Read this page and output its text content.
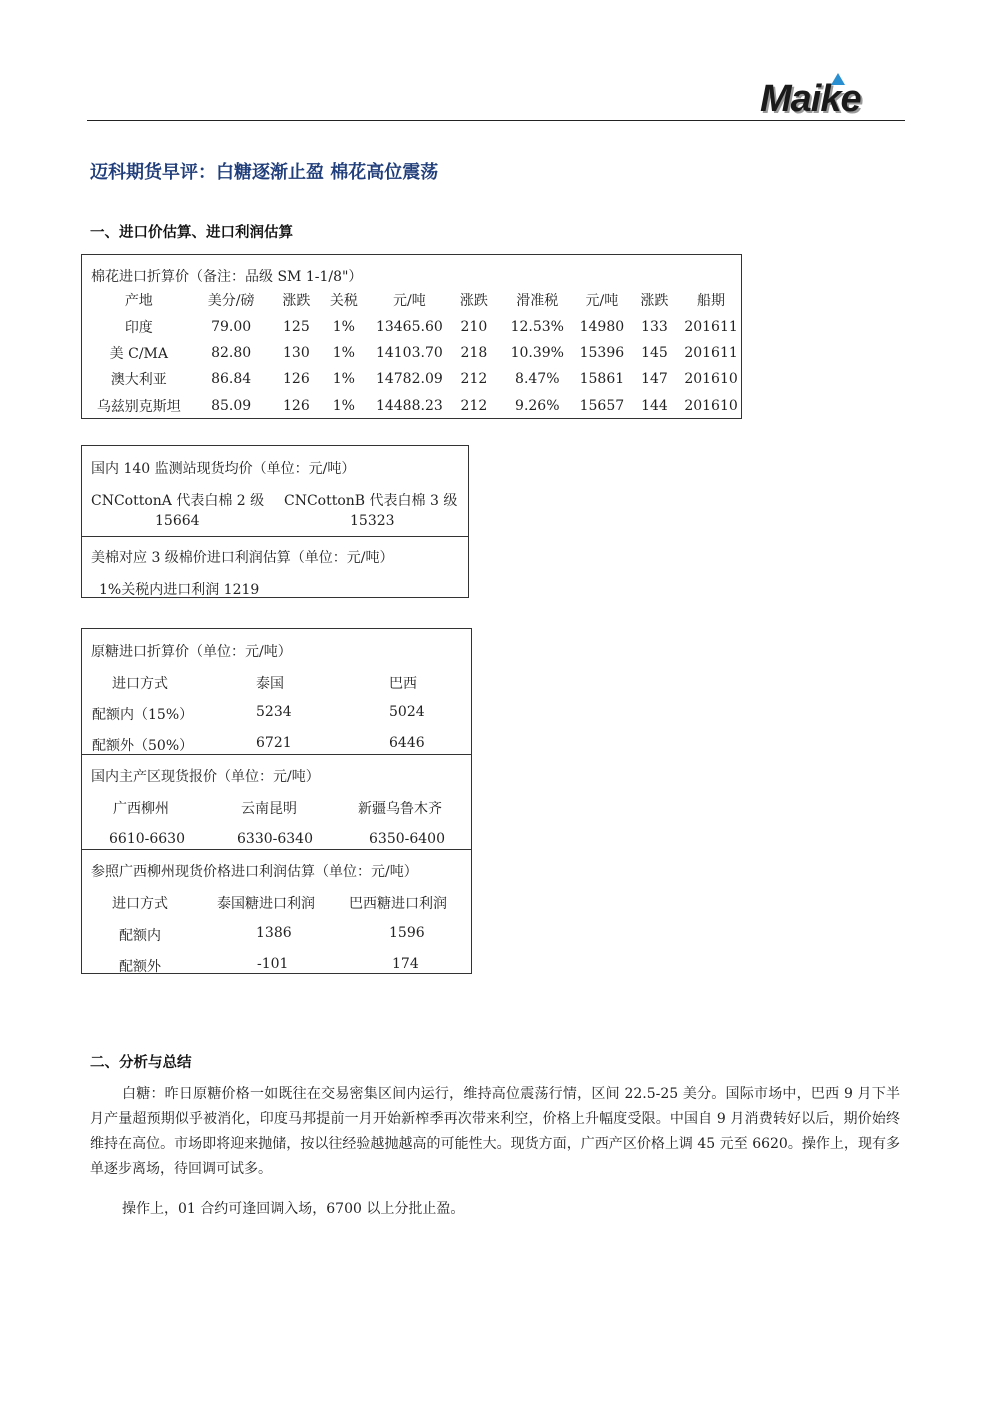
Maike
迈科期货早评：白糖逐渐止盈 棉花高位震荡
一、进口价估算、进口利润估算
棉花进口折算价（备注：品级 SM 1-1/8"）
产地	美分/磅	涨跌	关税	元/吨	涨跌	滑准税	元/吨	涨跌	船期
印度	79.00	125	1%	13465.60	210	12.53%	14980	133	201611
美 C/MA	82.80	130	1%	14103.70	218	10.39%	15396	145	201611
澳大利亚	86.84	126	1%	14782.09	212	8.47%	15861	147	201610
乌兹别克斯坦	85.09	126	1%	14488.23	212	9.26%	15657	144	201610
国内 140 监测站现货均价（单位：元/吨）
CNCottonA 代表白棉 2 级 CNCottonB 代表白棉 3 级
15664	15323
美棉对应 3 级棉价进口利润估算（单位：元/吨）
1%关税内进口利润 1219
原糖进口折算价（单位：元/吨）
进口方式	泰国	巴西
配额内（15%）	5234	5024
配额外（50%）	6721	6446
国内主产区现货报价（单位：元/吨）
广西柳州	云南昆明	新疆乌鲁木齐
6610-6630	6330-6340	6350-6400
参照广西柳州现货价格进口利润估算（单位：元/吨）
进口方式	泰国糖进口利润 巴西糖进口利润
配额内	1386	1596
配额外	-101	174
二、分析与总结
白糖：昨日原糖价格一如既往在交易密集区间内运行，维持高位震荡行情，区间 22.5-25 美分。国际市场中，巴西 9 月下半月产量超预期似乎被消化，印度马邦提前一月开始新榨季再次带来利空，价格上升幅度受限。中国自 9 月消费转好以后，期价始终维持在高位。市场即将迎来抛储，按以往经验越抛越高的可能性大。现货方面，广西产区价格上调 45 元至 6620。操作上，现有多单逐步离场，待回调可试多。
操作上，01 合约可逢回调入场，6700 以上分批止盈。
